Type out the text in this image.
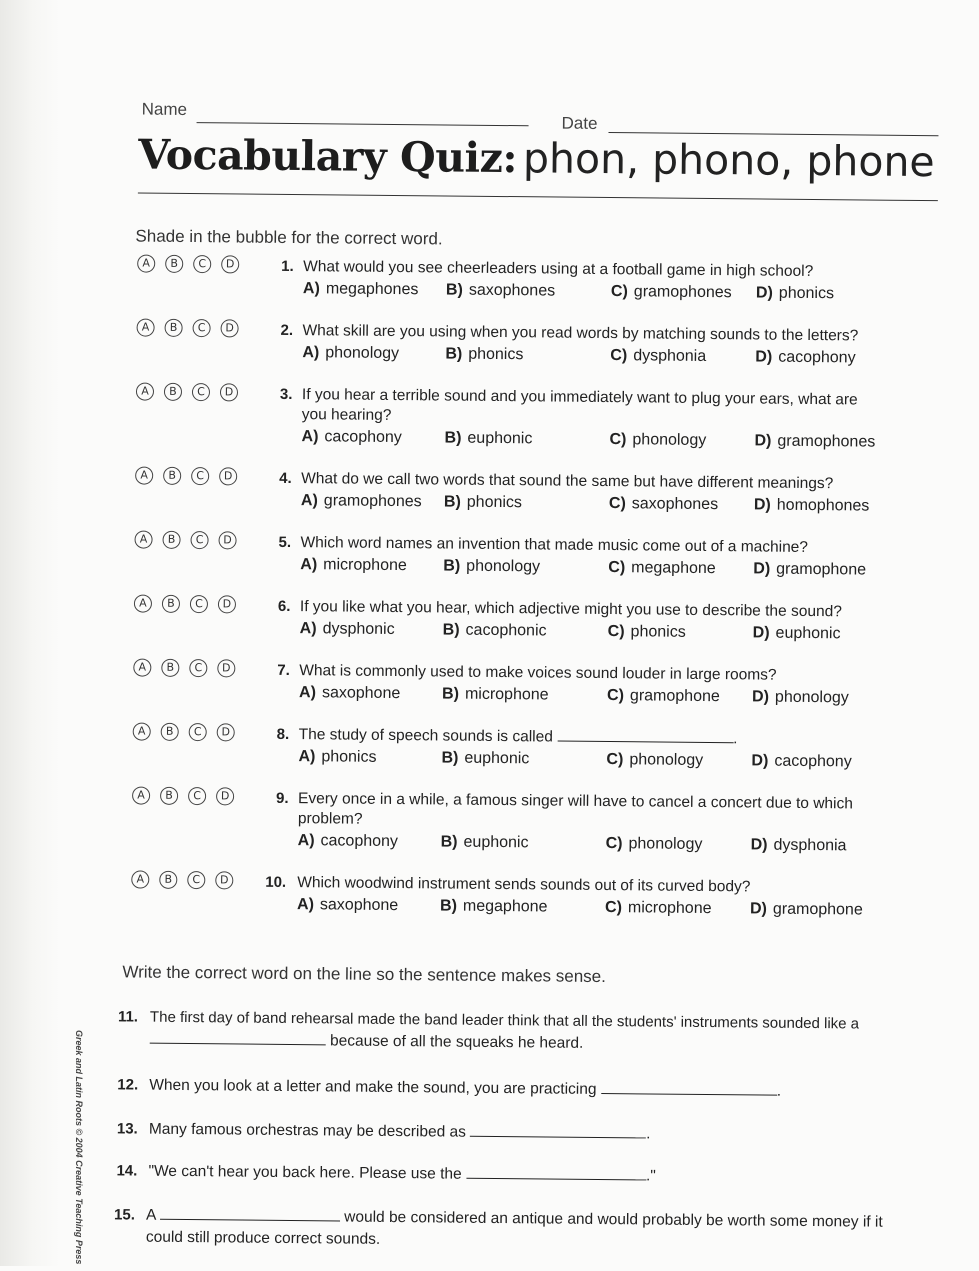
Greek and Latin Roots © 2004 Creative Teaching Press
Name
Date
Vocabulary Quiz: phon, phono, phone
Shade in the bubble for the correct word.
A	B	C	D	1. What would you see cheerleaders using at a football game in high school?
A) megaphones	B) saxophones	C) gramophones	D) phonics
A	B	C	D	2. What skill are you using when you read words by matching sounds to the letters?
A) phonology	B) phonics	C) dysphonia	D) cacophony
A	B	C	D	3. If you hear a terrible sound and you immediately want to plug your ears, what are
you hearing?
A) cacophony	B) euphonic	C) phonology	D) gramophones
A	B	C	D	4. What do we call two words that sound the same but have different meanings?
A) gramophones	B) phonics	C) saxophones	D) homophones
A	B	C	D	5. Which word names an invention that made music come out of a machine?
A) microphone	B) phonology	C) megaphone	D) gramophone
A	B	C	D	6. If you like what you hear, which adjective might you use to describe the sound?
A) dysphonic	B) cacophonic	C) phonics	D) euphonic
A	B	C	D	7. What is commonly used to make voices sound louder in large rooms?
A) saxophone	B) microphone	C) gramophone	D) phonology
A	B	C	D	8. The study of speech sounds is called	.
A) phonics	B) euphonic	C) phonology	D) cacophony
A	B	C	D	9. Every once in a while, a famous singer will have to cancel a concert due to which
problem?
A) cacophony	B) euphonic	C) phonology	D) dysphonia
A	B	C	D	10. Which woodwind instrument sends sounds out of its curved body?
A) saxophone	B) megaphone	C) microphone	D) gramophone
Write the correct word on the line so the sentence makes sense.
11. The first day of band rehearsal made the band leader think that all the students' instruments sounded like a
because of all the squeaks he heard.
12. When you look at a letter and make the sound, you are practicing	.
13. Many famous orchestras may be described as	.
14. "We can't hear you back here. Please use the	."
15. A	would be considered an antique and would probably be worth some money if it
could still produce correct sounds.
